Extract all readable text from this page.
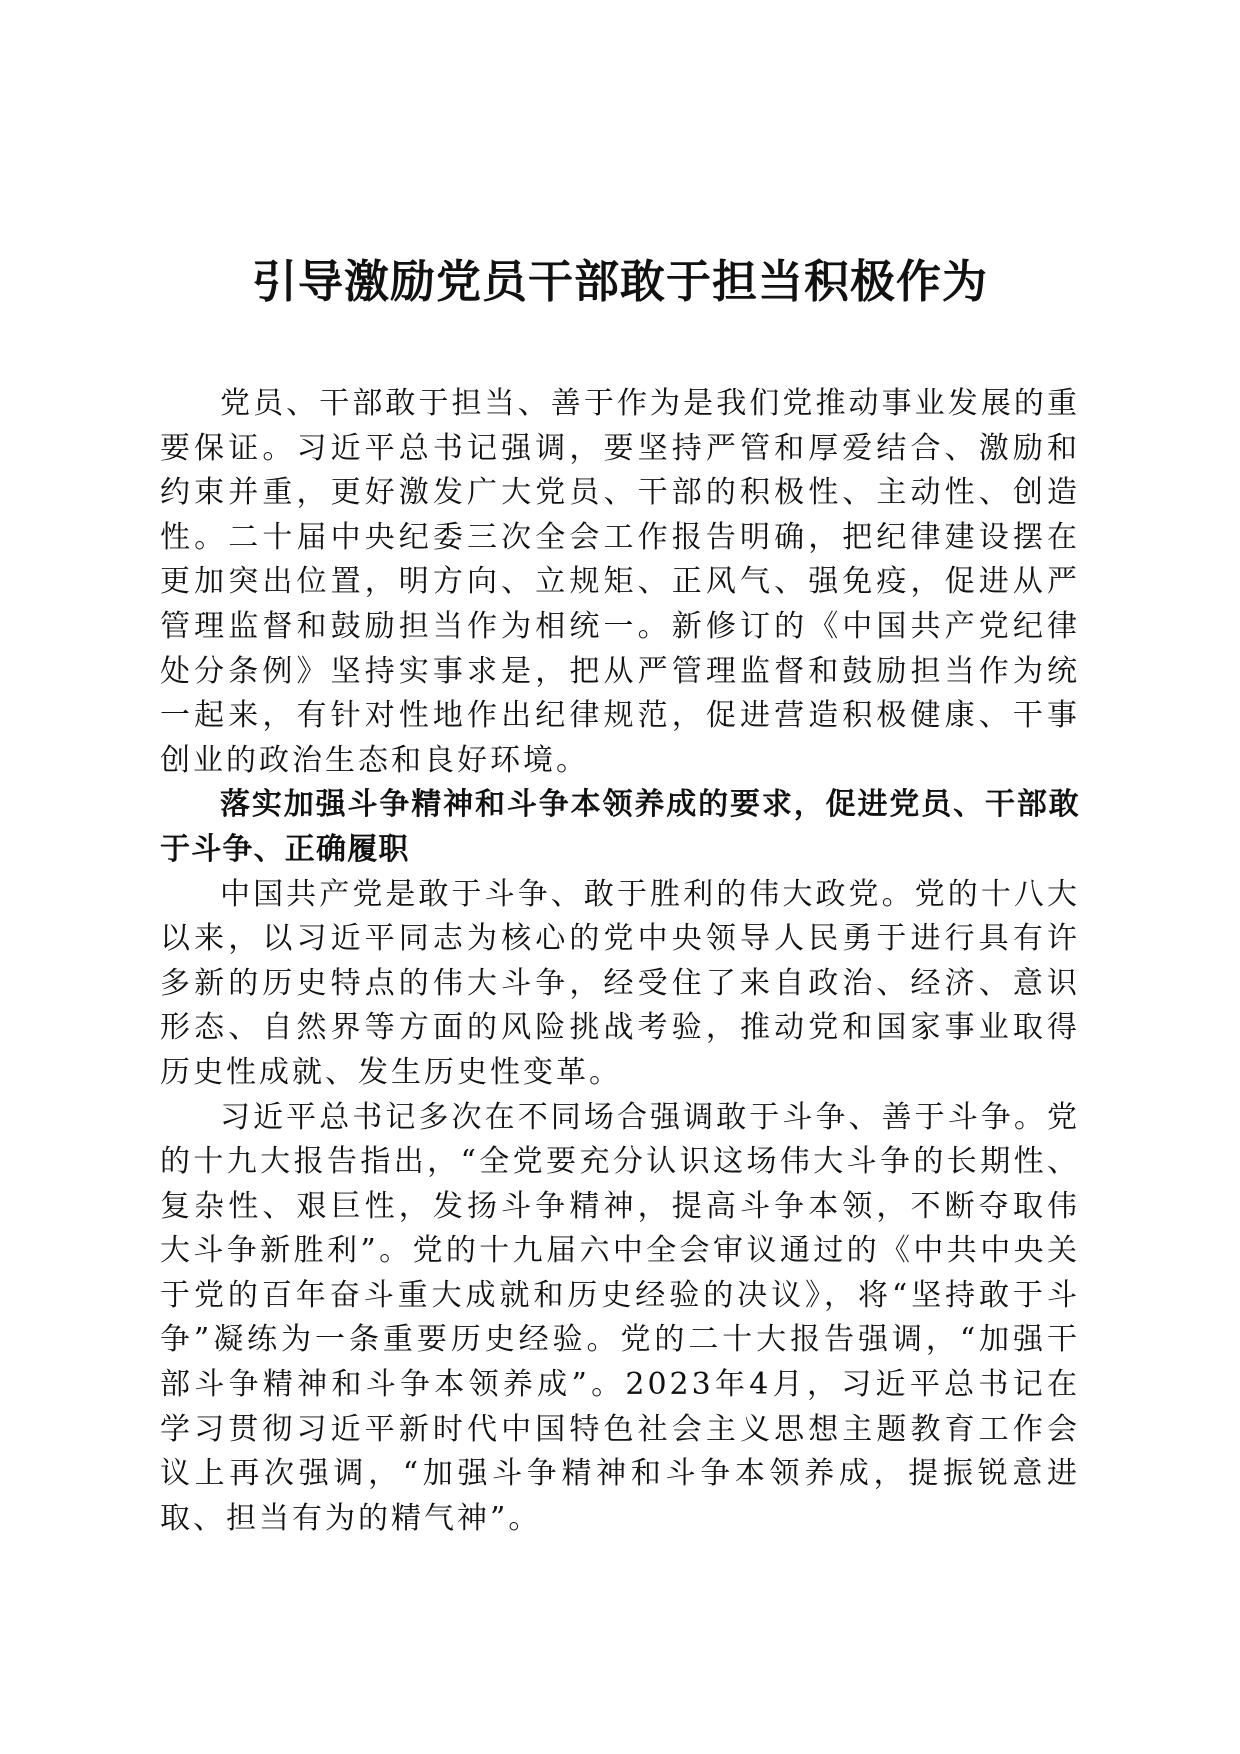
引导激励党员干部敢于担当积极作为

党员、干部敢于担当、善于作为是我们党推动事业发展的重要保证。习近平总书记强调，要坚持严管和厚爱结合、激励和约束并重，更好激发广大党员、干部的积极性、主动性、创造性。二十届中央纪委三次全会工作报告明确，把纪律建设摆在更加突出位置，明方向、立规矩、正风气、强免疫，促进从严管理监督和鼓励担当作为相统一。新修订的《中国共产党纪律处分条例》坚持实事求是，把从严管理监督和鼓励担当作为统一起来，有针对性地作出纪律规范，促进营造积极健康、干事创业的政治生态和良好环境。

落实加强斗争精神和斗争本领养成的要求，促进党员、干部敢于斗争、正确履职

中国共产党是敢于斗争、敢于胜利的伟大政党。党的十八大以来，以习近平同志为核心的党中央领导人民勇于进行具有许多新的历史特点的伟大斗争，经受住了来自政治、经济、意识形态、自然界等方面的风险挑战考验，推动党和国家事业取得历史性成就、发生历史性变革。

习近平总书记多次在不同场合强调敢于斗争、善于斗争。党的十九大报告指出，“全党要充分认识这场伟大斗争的长期性、复杂性、艰巨性，发扬斗争精神，提高斗争本领，不断夺取伟大斗争新胜利”。党的十九届六中全会审议通过的《中共中央关于党的百年奋斗重大成就和历史经验的决议》，将“坚持敢于斗争”凝练为一条重要历史经验。党的二十大报告强调，“加强干部斗争精神和斗争本领养成”。2023年4月，习近平总书记在学习贯彻习近平新时代中国特色社会主义思想主题教育工作会议上再次强调，“加强斗争精神和斗争本领养成，提振锐意进取、担当有为的精气神”。
